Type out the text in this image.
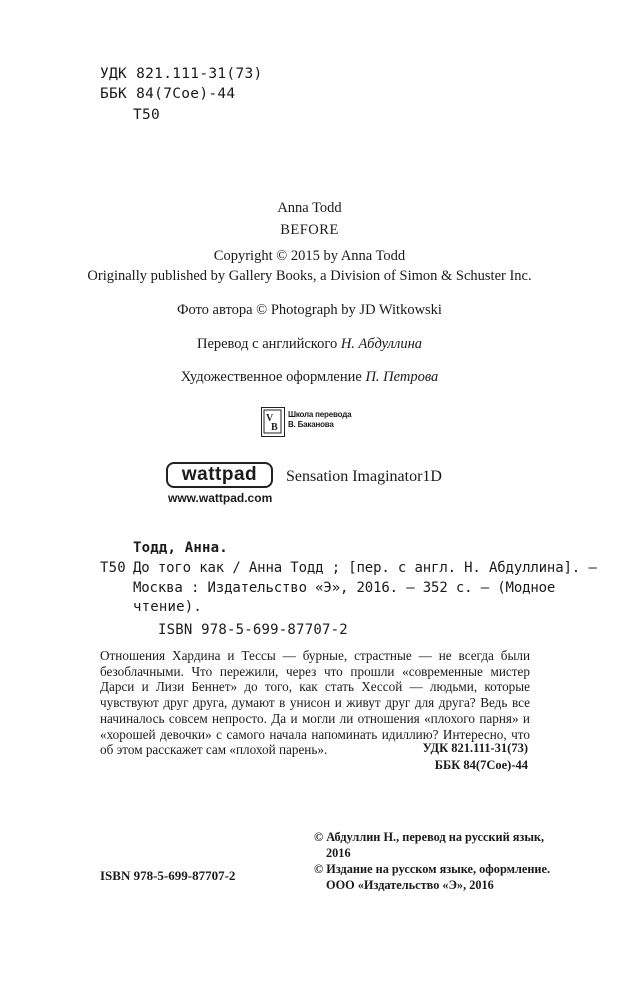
УДК 821.111-31(73)
ББК 84(7Сое)-44
Т50
Anna Todd
BEFORE
Copyright © 2015 by Anna Todd
Originally published by Gallery Books, a Division of Simon & Schuster Inc.
Фото автора © Photograph by JD Witkowski
Перевод с английского Н. Абдуллина
Художественное оформление П. Петрова
V
B
Школа перевода
В. Баканова
wattpad
www.wattpad.com
Sensation Imaginator1D
Тодд, Анна.
Т50 До того как / Анна Тодд ; [пер. с англ. Н. Абдуллина]. —
Москва : Издательство «Э», 2016. — 352 с. — (Модное
чтение).
ISBN 978-5-699-87707-2
Отношения Хардина и Тессы — бурные, страстные — не всегда были безоблачными. Что пережили, через что прошли «современные мистер Дарси и Лизи Беннет» до того, как стать Хессой — людьми, которые чувствуют друг друга, думают в унисон и живут друг для друга? Ведь все начиналось совсем непросто. Да и могли ли отношения «плохого парня» и «хорошей девочки» с самого начала напоминать идиллию? Интересно, что об этом расскажет сам «плохой парень».	УДК 821.111-31(73)
ББК 84(7Сое)-44
ISBN 978-5-699-87707-2
© Абдуллин Н., перевод на русский язык,
2016
© Издание на русском языке, оформление.
ООО «Издательство «Э», 2016
